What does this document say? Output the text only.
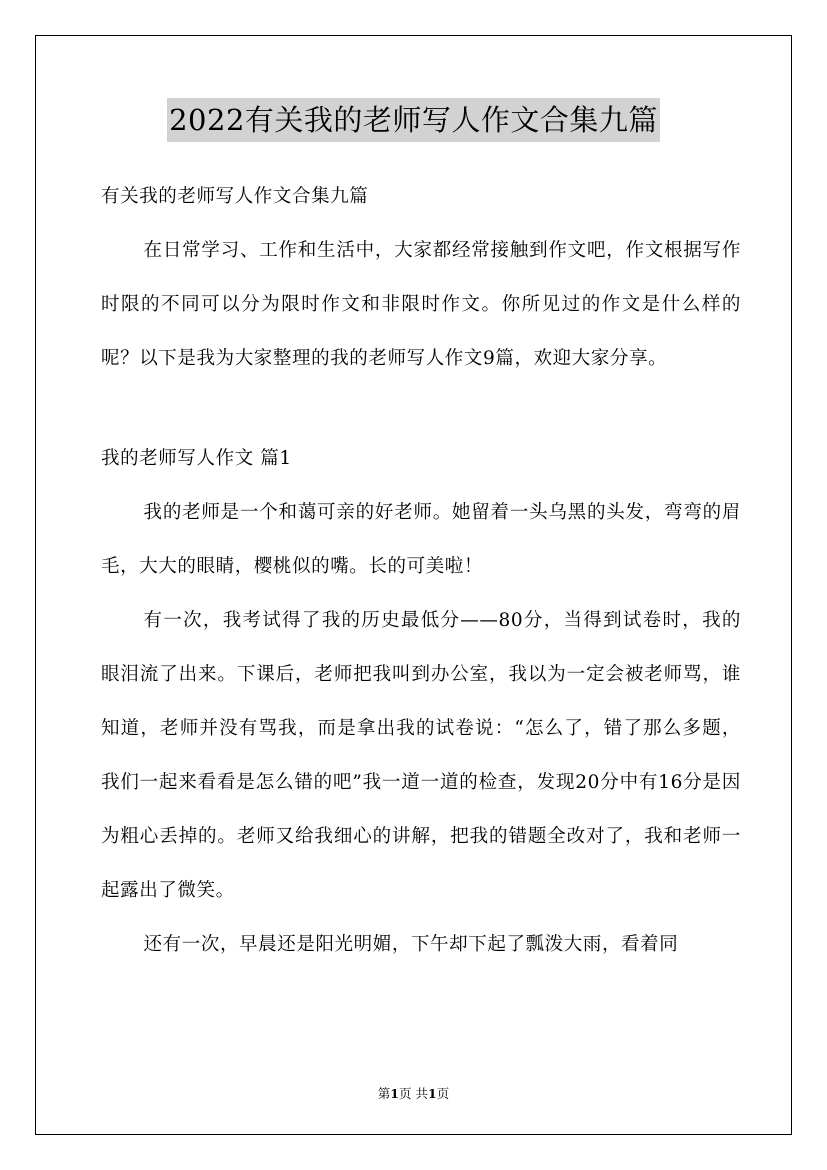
2022有关我的老师写人作文合集九篇
有关我的老师写人作文合集九篇

在日常学习、工作和生活中，大家都经常接触到作文吧，作文根据写作时限的不同可以分为限时作文和非限时作文。你所见过的作文是什么样的呢？以下是我为大家整理的我的老师写人作文9篇，欢迎大家分享。

我的老师写人作文 篇1

我的老师是一个和蔼可亲的好老师。她留着一头乌黑的头发，弯弯的眉毛，大大的眼睛，樱桃似的嘴。长的可美啦！

有一次，我考试得了我的历史最低分——80分，当得到试卷时，我的眼泪流了出来。下课后，老师把我叫到办公室，我以为一定会被老师骂，谁知道，老师并没有骂我，而是拿出我的试卷说：“怎么了，错了那么多题，我们一起来看看是怎么错的吧”我一道一道的检查，发现20分中有16分是因为粗心丢掉的。老师又给我细心的讲解，把我的错题全改对了，我和老师一起露出了微笑。

还有一次，早晨还是阳光明媚，下午却下起了瓢泼大雨，看着同

第1页 共1页
